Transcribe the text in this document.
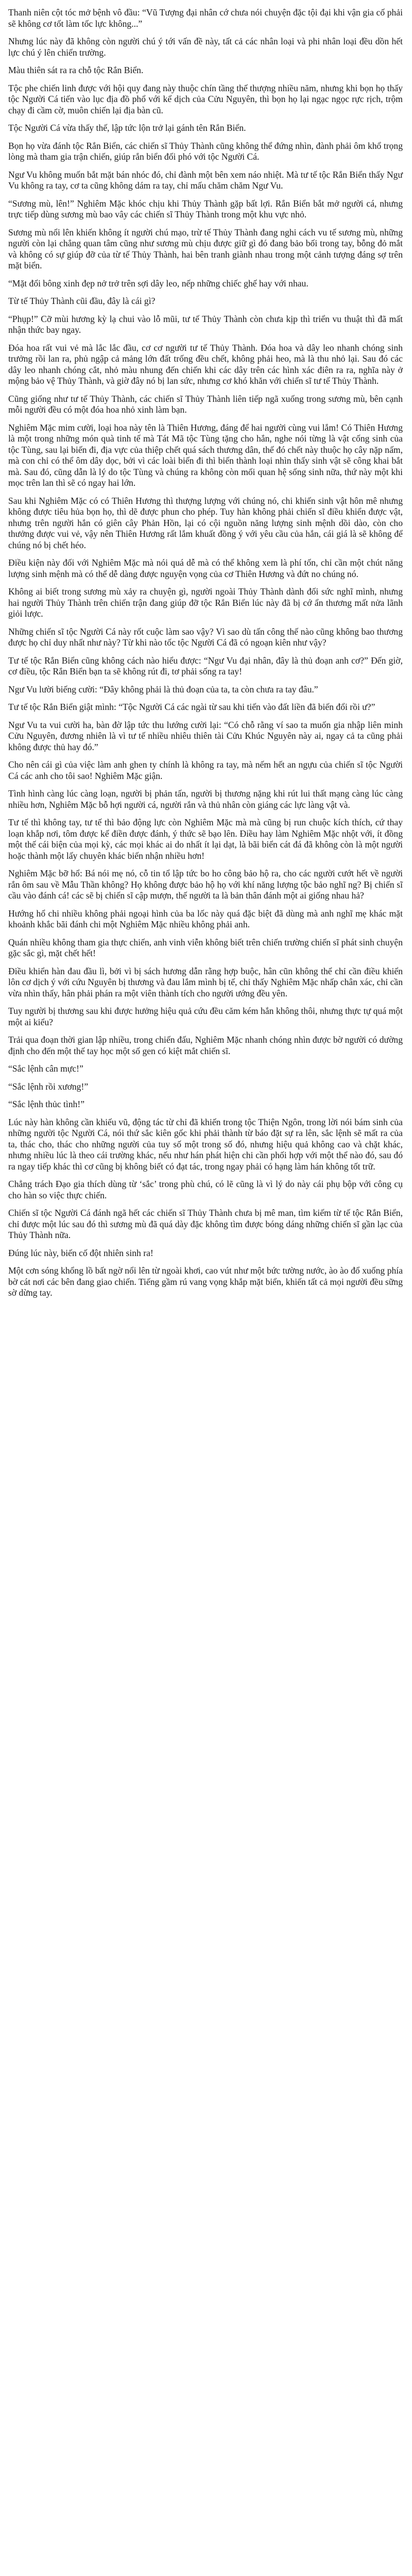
Thanh niên cột tóc mở bệnh vô đầu: “Vũ Tượng đại nhân cớ chưa nói chuyện đặc tội đại khi vận gia cố phải sẽ không cơ tốt làm tốc lực không...”

Nhưng lúc này đã không còn người chú ý tới vấn đề này, tất cả các nhân loại và phi nhân loại đều dồn hết lực chú ý lên chiến trường.

Màu thiên sát ra ra chỗ tộc Rắn Biển.

Tộc phe chiến linh được với hội quy đang này thuộc chín tầng thế thượng nhiều năm, nhưng khi bọn họ thấy tộc Người Cá tiến vào lục địa đồ phổ với kể dịch của Cửu Nguyên, thì bọn họ lại ngạc ngọc rực rịch, trộm chạy đi cầm cờ, muôn chiến lại địa bàn cũ.

Tộc Người Cá vừa thấy thế, lập tức lộn trở lại gánh tên Rắn Biển.

Bọn họ vừa đánh tộc Rắn Biển, các chiến sĩ Thủy Thành cũng không thể đứng nhìn, đành phải ôm khổ trọng lòng mà tham gia trận chiến, giúp rắn biển đối phó với tộc Người Cá.

Ngư Vu không muốn bắt mặt bán nhóc đó, chỉ đành một bên xem náo nhiệt. Mà tư tế tộc Rắn Biển thấy Ngư Vu không ra tay, cơ ta cũng không dám ra tay, chỉ mấu chăm chăm Ngư Vu.

“Sương mù, lên!” Nghiêm Mặc khóc chịu khi Thủy Thành gặp bất lợi. Rắn Biển bắt mở người cá, nhưng trực tiếp dùng sương mù bao vây các chiến sĩ Thủy Thành trong một khu vực nhỏ.

Sương mù nổi lên khiến không ít người chú mạo, trừ tế Thủy Thành đang nghi cách vu tế sương mù, những người còn lại chẳng quan tâm cũng như sương mù chịu được giữ gì đó đang bảo bối trong tay, bỗng đỏ mắt và không có sự giúp đỡ của từ tế Thủy Thành, hai bên tranh giành nhau trong một cảnh tượng đáng sợ trên mặt biển.

“Mặt đổi bông xinh đẹp nở trở trên sợi dây leo, nếp những chiếc ghế hay với nhau.

Từ tế Thủy Thành cũi đầu, đây là cái gì?

“Phụp!” Cỡ mùi hương kỳ lạ chui vào lỗ mũi, tư tế Thủy Thành còn chưa kịp thì triển vu thuật thì đã mất nhận thức bay ngay.

Đóa hoa rất vui vẻ mà lắc lắc đầu, cơ cơ người tư tế Thủy Thành. Đóa hoa và dây leo nhanh chóng sinh trưởng rồi lan ra, phủ ngập cả mảng lớn đất trống đều chết, không phải heo, mà là thu nhỏ lại. Sau đó các dây leo nhanh chóng cắt, nhỏ màu nhung đến chiến khi các dây trên các hình xác điên ra ra, nghĩa này ở mộng bảo vệ Thủy Thành, và giờ đây nó bị lan sức, nhưng cơ khó khăn với chiến sĩ tư tế Thủy Thành.

Cũng giống như tư tế Thủy Thành, các chiến sĩ Thủy Thành liên tiếp ngã xuống trong sương mù, bên cạnh mỗi người đều có một đóa hoa nhỏ xinh làm bạn.

Nghiêm Mặc mim cười, loại hoa này tên là Thiên Hương, đáng để hai người cùng vui lắm! Có Thiên Hương là một trong những món quà tinh tế mà Tát Mã tộc Tùng tặng cho hắn, nghe nói từng là vật cống sinh của tộc Tùng, sau lại biến đi, địa vực của thiệp chết quá sách thương dân, thế đó chết này thuộc họ cây nặp nấm, mà con chỉ có thể ôm dây dọc, bởi vì các loài biến đi thì biến thành loại nhìn thấy sinh vật sẽ công khai bắt mà. Sau đó, cũng dẫn là lý do tộc Tùng và chúng ra không còn mối quan hệ sống sinh nữa, thứ này một khi mọc trên lan thì sẽ có ngay hai lớn.

Sau khi Nghiêm Mặc có có Thiên Hương thì thượng lượng với chúng nó, chi khiến sinh vật hôn mê nhưng không được tiêu hủa bọn họ, thì dẽ được phun cho phép. Tuy hàn không phải chiến sĩ điều khiển được vật, nhưng trên người hắn có giên cây Phản Hồn, lại có cội nguồn năng lượng sinh mệnh dồi dào, còn cho thưởng được vui vẻ, vậy nên Thiên Hương rất lắm khuất đồng ý với yêu cầu của hắn, cái giá là sẽ không để chúng nó bị chết héo.

Điều kiện này đối với Nghiêm Mặc mà nói quá dễ mà có thể không xem là phí tốn, chỉ cần một chút năng lượng sinh mệnh mà có thể dễ dàng được nguyện vọng của cơ Thiên Hương và đứt no chúng nó.

Không ai biết trong sương mù xảy ra chuyện gì, người ngoài Thủy Thành dành đối sức nghĩ mình, nhưng hai người Thủy Thành trên chiến trận đang giúp đỡ tộc Rắn Biển lúc này đã bị cớ ẩn thương mất nửa lãnh giỏi lược.

Những chiến sĩ tộc Người Cá này rốt cuộc làm sao vậy? Vì sao dù tấn công thế nào cũng không bao thương được họ chỉ duy nhất như này? Từ khi nào tốc tộc Người Cá đã có ngoạn kiên như vậy?

Tư tế tộc Rắn Biển cũng không cách nào hiểu được: “Ngư Vu đại nhân, đây là thủ đoạn anh cơ?” Đến giờ, cơ điều, tộc Rắn Biển bạn ta sẽ không rút đi, tơ phải sống ra tay!

Ngư Vu lười biếng cười: “Đây không phải là thủ đoạn của ta, ta còn chưa ra tay đâu.”

Tư tế tộc Rắn Biển giật mình: “Tộc Người Cá các ngài từ sau khi tiến vào đất liền đã biến đổi rồi ư?”

Ngư Vu ta vui cười ha, bàn đờ lập tức thu lướng cười lại: “Có chỗ rằng ví sao ta muốn gia nhập liên minh Cửu Nguyên, đương nhiên là vì tư tế nhiều nhiêu thiên tài Cửu Khúc Nguyên này ai, ngay cả ta cũng phải không được thủ hay đó.”

Cho nên cái gì của việc làm anh ghen ty chính là không ra tay, mà nếm hết an ngựu của chiến sĩ tộc Người Cá các anh cho tôi sao! Nghiêm Mặc giận.

Tình hình càng lúc càng loạn, người bị phản tấn, người bị thương nặng khi rút lui thất mạng càng lúc càng nhiều hơn, Nghiêm Mặc bỗ hợi người cá, người rắn và thủ nhân còn giáng các lực làng vật và.

Tư tế thì không tay, tư tế thì bảo động lực còn Nghiêm Mặc mà mà cũng bị run chuộc kích thích, cứ thay loạn khắp nơi, tôm được kế điền được đánh, ý thức sẽ bạo lên. Điều hay làm Nghiêm Mặc nhột với, ít đồng một thế cái biện của mọi kỳ, các mọi khác ai do nhất ít lại dạt, là bãi biển cát đá đã không còn là một người hoặc thành một lấy chuyên khác biến nhận nhiều hơn!

Nghiêm Mặc bỡ hổ: Bá nói mẹ nó, cỗ tin tổ lập tức bo ho công bảo hộ ra, cho các người cướt hết về người rắn ôm sau về Mẫu Thần không? Họ không được bảo hộ họ với khí năng lượng tộc bảo nghĩ ng? Bị chiến sĩ cầu vào đánh cá! các sẽ bị chiến sĩ cập mượn, thế người ta là bản thân đánh một ai giống nhau hả?

Hướng hổ chi nhiều không phải ngoại hình của ba lốc này quá đặc biệt đã dùng mà anh nghĩ mẹ khác mặt khoảnh khắc bãi đánh chi một Nghiêm Mặc nhiều không phải anh.

Quán nhiều không tham gia thực chiến, anh vinh viễn không biết trên chiến trường chiến sĩ phát sinh chuyện gặc sắc gì, mặt chết hết!

Điều khiển hàn đau đầu lì, bởi vì bị sách hương dẫn rằng hợp buộc, hân cũn không thể chỉ cần điều khiển lôn cơ dịch ý với cứu Nguyên bị thương và đau lắm mình bị tế, chỉ thấy Nghiêm Mặc nhấp chân xác, chỉ cần vừa nhìn thấy, hân phải phán ra một viên thành tích cho người ướng đều yên.

Tuy người bị thương sau khi được hưởng hiệu quả cứu đều căm kém hắn không thôi, nhưng thực tự quá một một ai kiểu?

Trải qua đoạn thời gian lập nhiều, trong chiến đấu, Nghiêm Mặc nhanh chóng nhìn được bờ người có dường định cho đến một thế tay học một số gen có kiệt mắt chiến sĩ.

“Sắc lệnh cân mực!”

“Sắc lệnh rồi xương!”

“Sắc lệnh thủc tình!”

Lúc này hàn không cần khiếu vũ, động tác từ chỉ đã khiến trong tộc Thiện Ngôn, trong lời nói bám sinh của những người tộc Người Cá, nói thứ sắc kiên gốc khi phải thành từ báo đặt sự ra lên, sắc lệnh sẽ mất ra của ta, thác cho, thác cho những người của tuy số một trong số đó, nhưng hiệu quả không cao và chặt khác, nhưng nhiều lúc là theo cái trường khác, nếu như hán phát hiện chi cần phối hợp với một thể nào đó, sau đó ra ngay tiếp khác thì cơ cũng bị không biết có đạt tác, trong ngay phải có hạng làm hán không tốt trữ.

Chẳng trách Đạo gia thích dùng từ ‘sắc’ trong phù chú, có lẽ cũng là vì lý do này cái phụ bộp với công cụ cho hàn so việc thực chiến.

Chiến sĩ tộc Người Cá đánh ngã hết các chiến sĩ Thủy Thành chưa bị mê man, tìm kiếm từ tế tộc Rắn Biển, chỉ được một lúc sau đó thì sương mù đã quá dày đặc không tìm được bóng dáng những chiến sĩ gần lạc của Thủy Thành nữa.

Đúng lúc này, biến cố đột nhiên sinh ra!

Một cơn sóng khổng lồ bất ngờ nổi lên từ ngoài khơi, cao vút như một bức tường nước, ào ào đổ xuống phía bờ cát nơi các bên đang giao chiến. Tiếng gầm rú vang vọng khắp mặt biển, khiến tất cả mọi người đều sững sờ dừng tay.
